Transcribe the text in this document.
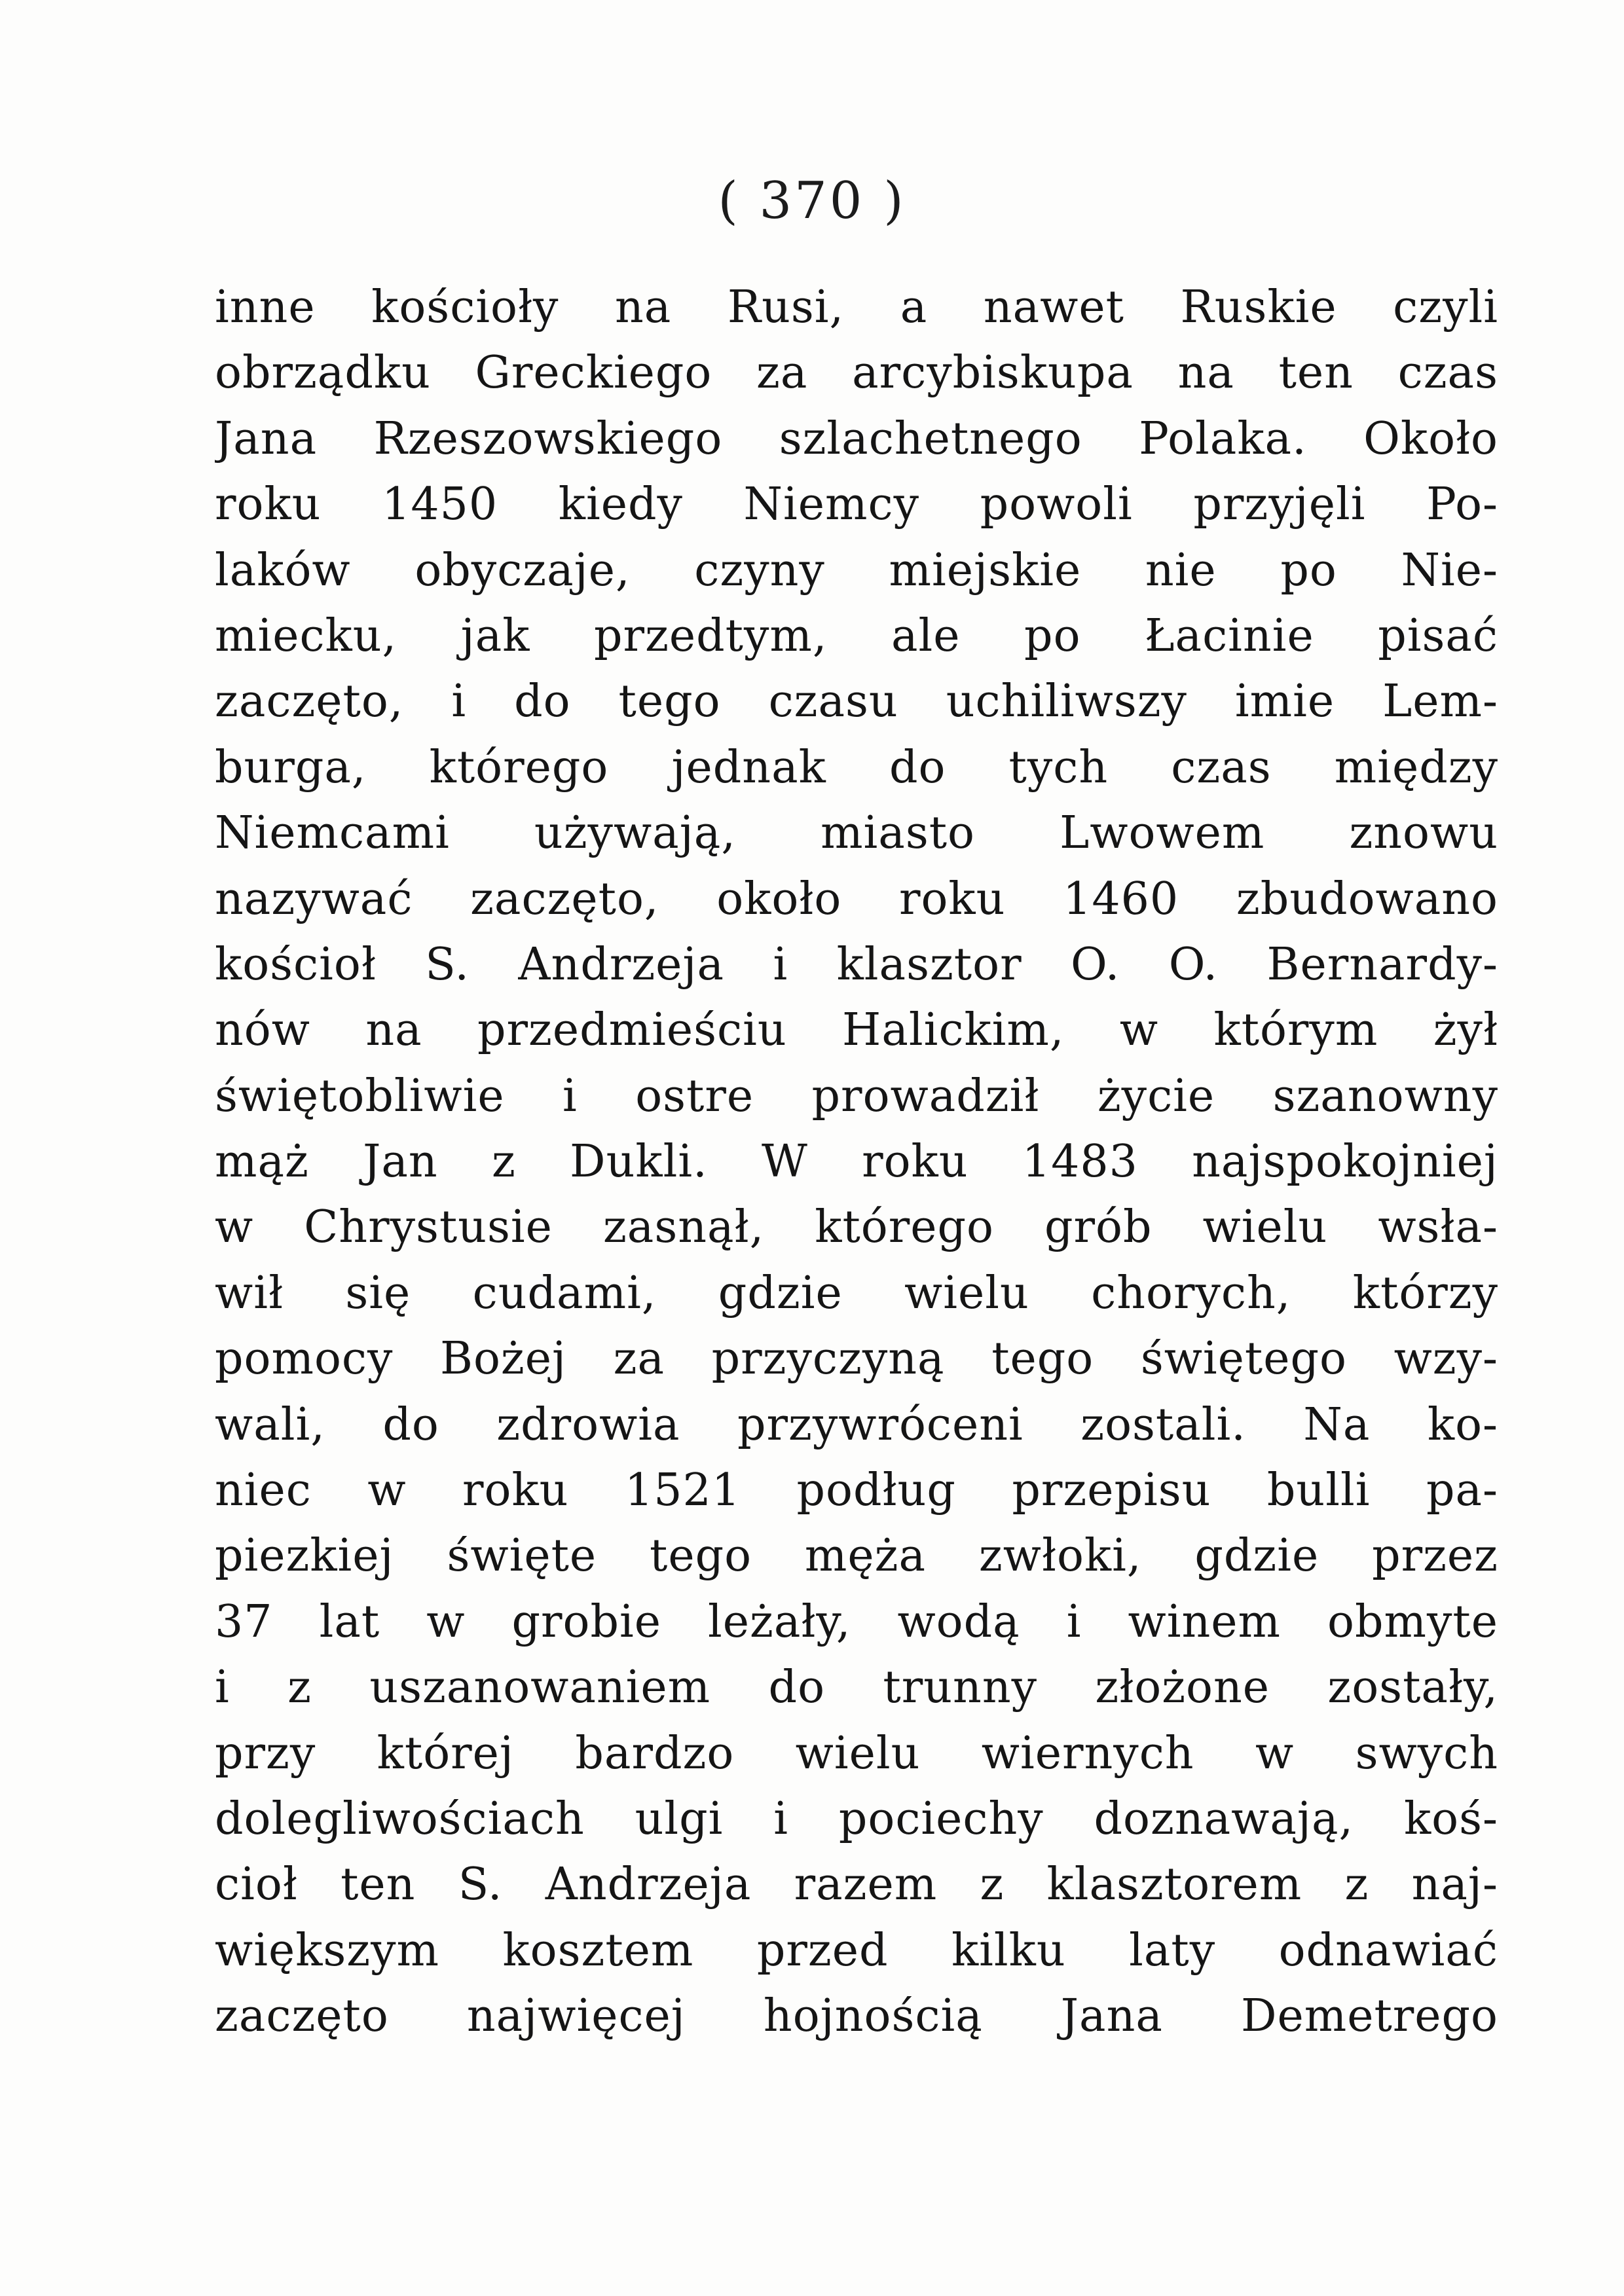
( 370 )
inne kościoły na Rusi, a nawet Ruskie czyli
obrządku Greckiego za arcybiskupa na ten czas
Jana Rzeszowskiego szlachetnego Polaka. Około
roku 1450 kiedy Niemcy powoli przyjęli Po-
laków obyczaje, czyny miejskie nie po Nie-
miecku, jak przedtym, ale po Łacinie pisać
zaczęto, i do tego czasu uchiliwszy imie Lem-
burga, którego jednak do tych czas między
Niemcami używają, miasto Lwowem znowu
nazywać zaczęto, około roku 1460 zbudowano
kościoł S. Andrzeja i klasztor O. O. Bernardy-
nów na przedmieściu Halickim, w którym żył
świętobliwie i ostre prowadził życie szanowny
mąż Jan z Dukli. W roku 1483 najspokojniej
w Chrystusie zasnął, którego grób wielu wsła-
wił się cudami, gdzie wielu chorych, którzy
pomocy Bożej za przyczyną tego świętego wzy-
wali, do zdrowia przywróceni zostali. Na ko-
niec w roku 1521 podług przepisu bulli pa-
piezkiej święte tego męża zwłoki, gdzie przez
37 lat w grobie leżały, wodą i winem obmyte
i z uszanowaniem do trunny złożone zostały,
przy której bardzo wielu wiernych w swych
dolegliwościach ulgi i pociechy doznawają, koś-
cioł ten S. Andrzeja razem z klasztorem z naj-
większym kosztem przed kilku laty odnawiać
zaczęto najwięcej hojnością Jana Demetrego
